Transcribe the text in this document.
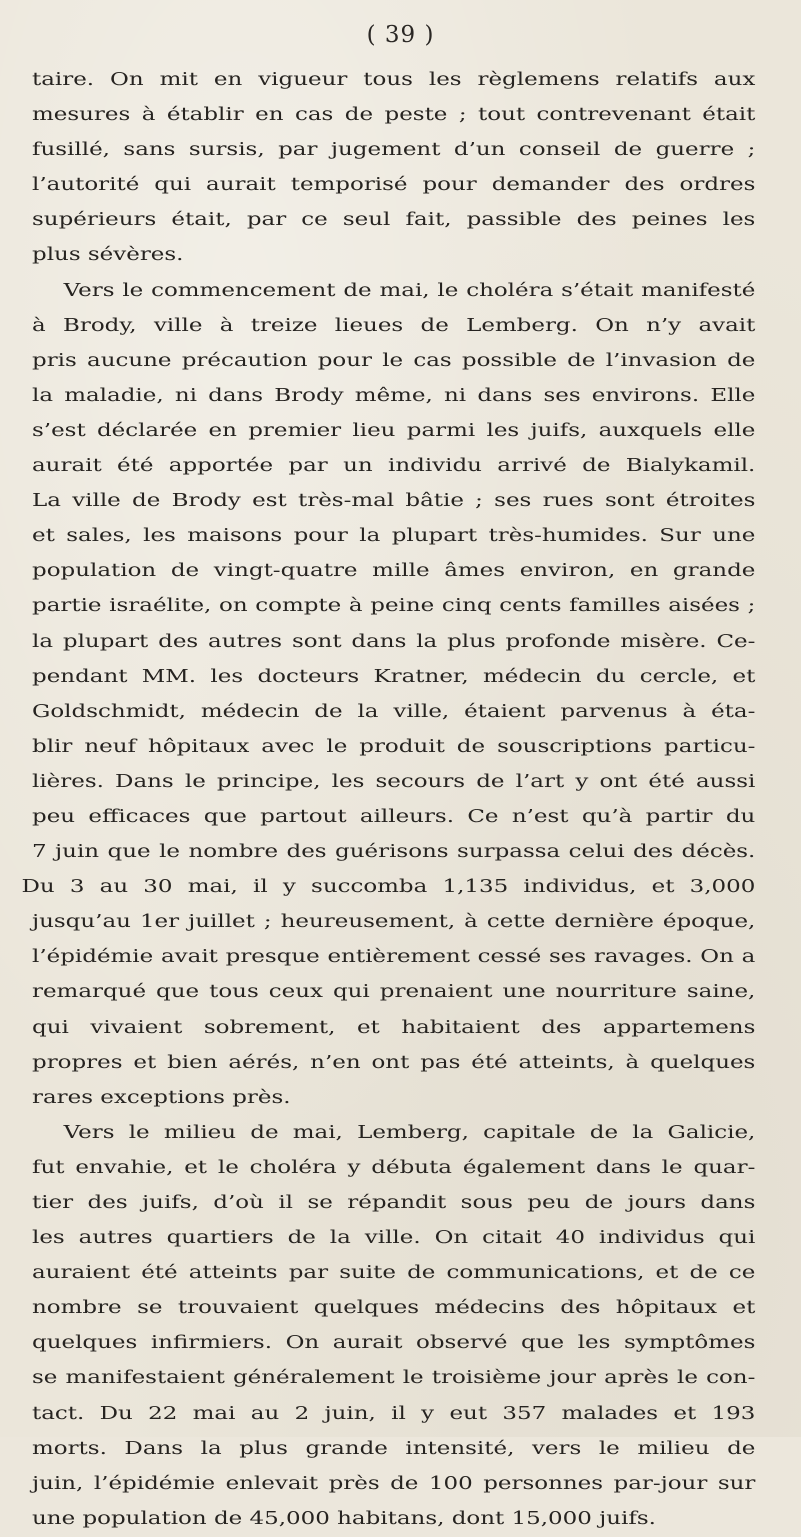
( 39 )
taire. On mit en vigueur tous les règlemens relatifs aux
mesures à établir en cas de peste ; tout contrevenant était
fusillé, sans sursis, par jugement d’un conseil de guerre ;
l’autorité qui aurait temporisé pour demander des ordres
supérieurs était, par ce seul fait, passible des peines les
plus sévères.
Vers le commencement de mai, le choléra s’était manifesté
à Brody, ville à treize lieues de Lemberg. On n’y avait
pris aucune précaution pour le cas possible de l’invasion de
la maladie, ni dans Brody même, ni dans ses environs. Elle
s’est déclarée en premier lieu parmi les juifs, auxquels elle
aurait été apportée par un individu arrivé de Bialykamil.
La ville de Brody est très-mal bâtie ; ses rues sont étroites
et sales, les maisons pour la plupart très-humides. Sur une
population de vingt-quatre mille âmes environ, en grande
partie israélite, on compte à peine cinq cents familles aisées ;
la plupart des autres sont dans la plus profonde misère. Ce-
pendant MM. les docteurs Kratner, médecin du cercle, et
Goldschmidt, médecin de la ville, étaient parvenus à éta-
blir neuf hôpitaux avec le produit de souscriptions particu-
lières. Dans le principe, les secours de l’art y ont été aussi
peu efficaces que partout ailleurs. Ce n’est qu’à partir du
7 juin que le nombre des guérisons surpassa celui des décès.
Du 3 au 30 mai, il y succomba 1,135 individus, et 3,000
jusqu’au 1er juillet ; heureusement, à cette dernière époque,
l’épidémie avait presque entièrement cessé ses ravages. On a
remarqué que tous ceux qui prenaient une nourriture saine,
qui vivaient sobrement, et habitaient des appartemens
propres et bien aérés, n’en ont pas été atteints, à quelques
rares exceptions près.
Vers le milieu de mai, Lemberg, capitale de la Galicie,
fut envahie, et le choléra y débuta également dans le quar-
tier des juifs, d’où il se répandit sous peu de jours dans
les autres quartiers de la ville. On citait 40 individus qui
auraient été atteints par suite de communications, et de ce
nombre se trouvaient quelques médecins des hôpitaux et
quelques infirmiers. On aurait observé que les symptômes
se manifestaient généralement le troisième jour après le con-
tact. Du 22 mai au 2 juin, il y eut 357 malades et 193
morts. Dans la plus grande intensité, vers le milieu de
juin, l’épidémie enlevait près de 100 personnes par-jour sur
une population de 45,000 habitans, dont 15,000 juifs.
